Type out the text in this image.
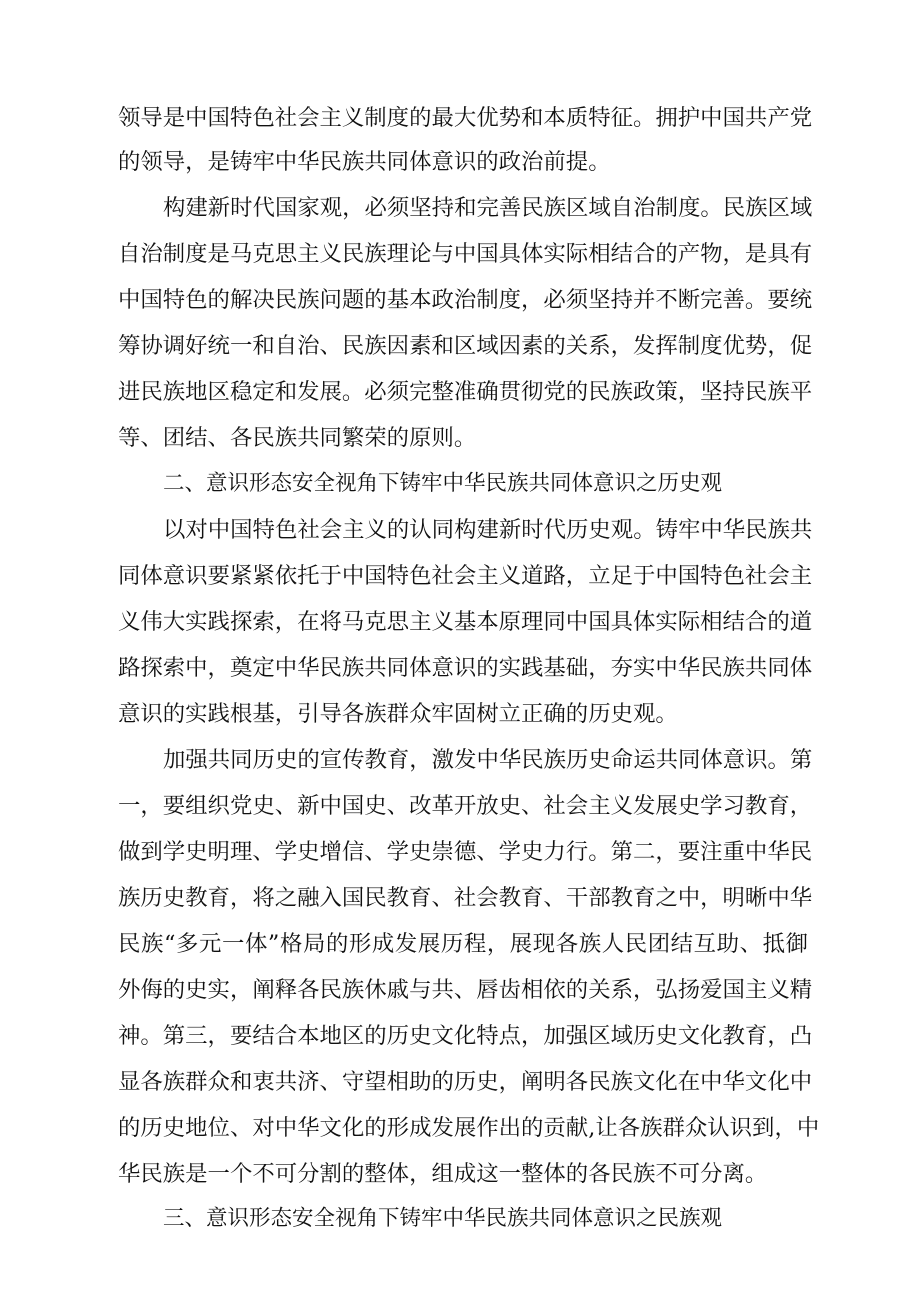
领导是中国特色社会主义制度的最大优势和本质特征。拥护中国共产党
的领导，是铸牢中华民族共同体意识的政治前提。
构建新时代国家观，必须坚持和完善民族区域自治制度。民族区域
自治制度是马克思主义民族理论与中国具体实际相结合的产物，是具有
中国特色的解决民族问题的基本政治制度，必须坚持并不断完善。要统
筹协调好统一和自治、民族因素和区域因素的关系，发挥制度优势，促
进民族地区稳定和发展。必须完整准确贯彻党的民族政策，坚持民族平
等、团结、各民族共同繁荣的原则。
二、意识形态安全视角下铸牢中华民族共同体意识之历史观
以对中国特色社会主义的认同构建新时代历史观。铸牢中华民族共
同体意识要紧紧依托于中国特色社会主义道路，立足于中国特色社会主
义伟大实践探索，在将马克思主义基本原理同中国具体实际相结合的道
路探索中，奠定中华民族共同体意识的实践基础，夯实中华民族共同体
意识的实践根基，引导各族群众牢固树立正确的历史观。
加强共同历史的宣传教育，激发中华民族历史命运共同体意识。第
一，要组织党史、新中国史、改革开放史、社会主义发展史学习教育，
做到学史明理、学史增信、学史崇德、学史力行。第二，要注重中华民
族历史教育，将之融入国民教育、社会教育、干部教育之中，明晰中华
民族“多元一体”格局的形成发展历程，展现各族人民团结互助、抵御
外侮的史实，阐释各民族休戚与共、唇齿相依的关系，弘扬爱国主义精
神。第三，要结合本地区的历史文化特点，加强区域历史文化教育，凸
显各族群众和衷共济、守望相助的历史，阐明各民族文化在中华文化中
的历史地位、对中华文化的形成发展作出的贡献,让各族群众认识到，中
华民族是一个不可分割的整体，组成这一整体的各民族不可分离。
三、意识形态安全视角下铸牢中华民族共同体意识之民族观
